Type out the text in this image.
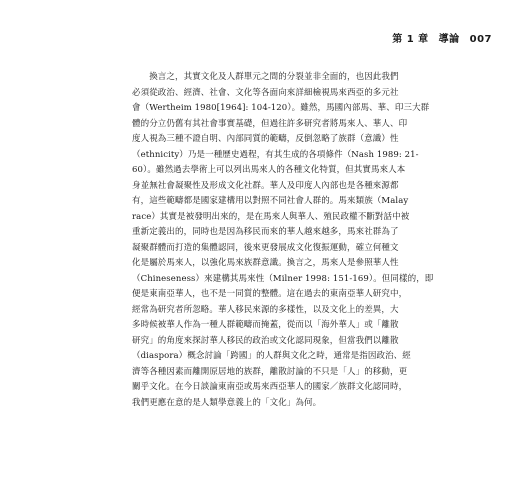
第 1 章 導論 007
　　換言之，其實文化及人群單元之間的分裂並非全面的，也因此我們
必須從政治、經濟、社會、文化等各面向來詳細檢視馬來西亞的多元社
會（Wertheim 1980[1964]: 104-120）。雖然，馬國內部馬、華、印三大群
體的分立仍舊有其社會事實基礎，但過往許多研究者將馬來人、華人、印
度人視為三種不證自明、內部同質的範疇，反倒忽略了族群（意識）性
（ethnicity）乃是一種歷史過程，有其生成的各項條件（Nash 1989: 21-
60）。雖然過去學術上可以列出馬來人的各種文化特質，但其實馬來人本
身並無社會凝聚性及形成文化社群。華人及印度人內部也是各種來源都
有，這些範疇都是國家建構用以對照不同社會人群的。馬來類族（Malay
race）其實是被發明出來的，是在馬來人與華人、殖民政權不斷對話中被
重新定義出的，同時也是因為移民而來的華人越來越多，馬來社群為了
凝聚群體而打造的集體認同，後來更發展成文化復振運動，確立何種文
化是屬於馬來人，以強化馬來族群意識。換言之，馬來人是參照華人性
（Chineseness）來建構其馬來性（Milner 1998: 151-169）。但同樣的，即
便是東南亞華人，也不是一同質的整體。這在過去的東南亞華人研究中，
經常為研究者所忽略。華人移民來源的多樣性，以及文化上的差異，大
多時候被華人作為一種人群範疇而掩蓋，從而以「海外華人」或「離散
研究」的角度來探討華人移民的政治或文化認同現象，但當我們以離散
（diaspora）概念討論「跨國」的人群與文化之時，通常是指因政治、經
濟等各種因素而離開原居地的族群，離散討論的不只是「人」的移動，更
關乎文化。在今日談論東南亞或馬來西亞華人的國家／族群文化認同時，
我們更應在意的是人類學意義上的「文化」為何。
